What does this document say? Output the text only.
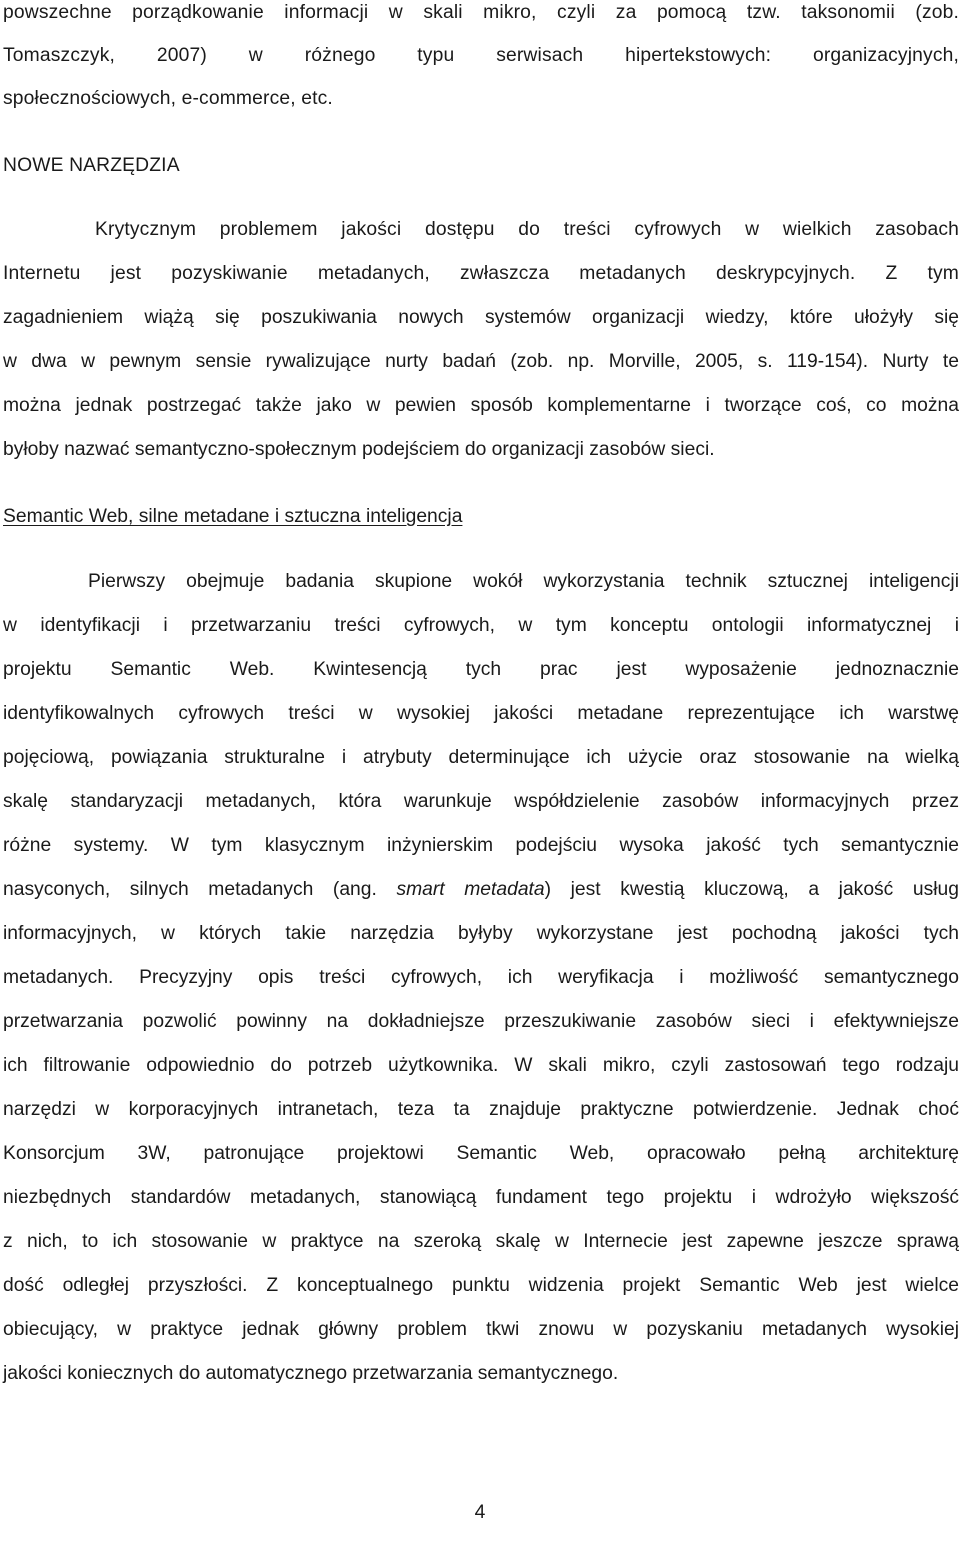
powszechne porządkowanie informacji w skali mikro, czyli za pomocą tzw. taksonomii (zob.
Tomaszczyk, 2007) w różnego typu serwisach hipertekstowych: organizacyjnych,
społecznościowych, e-commerce, etc.
NOWE NARZĘDZIA
Krytycznym problemem jakości dostępu do treści cyfrowych w wielkich zasobach
Internetu jest pozyskiwanie metadanych, zwłaszcza metadanych deskrypcyjnych. Z tym
zagadnieniem wiążą się poszukiwania nowych systemów organizacji wiedzy, które ułożyły się
w dwa w pewnym sensie rywalizujące nurty badań (zob. np. Morville, 2005, s. 119-154). Nurty te
można jednak postrzegać także jako w pewien sposób komplementarne i tworzące coś, co można
byłoby nazwać semantyczno-społecznym podejściem do organizacji zasobów sieci.
Semantic Web, silne metadane i sztuczna inteligencja
Pierwszy obejmuje badania skupione wokół wykorzystania technik sztucznej inteligencji
w identyfikacji i przetwarzaniu treści cyfrowych, w tym konceptu ontologii informatycznej i
projektu Semantic Web. Kwintesencją tych prac jest wyposażenie jednoznacznie
identyfikowalnych cyfrowych treści w wysokiej jakości metadane reprezentujące ich warstwę
pojęciową, powiązania strukturalne i atrybuty determinujące ich użycie oraz stosowanie na wielką
skalę standaryzacji metadanych, która warunkuje współdzielenie zasobów informacyjnych przez
różne systemy. W tym klasycznym inżynierskim podejściu wysoka jakość tych semantycznie
nasyconych, silnych metadanych (ang. smart metadata) jest kwestią kluczową, a jakość usług
informacyjnych, w których takie narzędzia byłyby wykorzystane jest pochodną jakości tych
metadanych. Precyzyjny opis treści cyfrowych, ich weryfikacja i możliwość semantycznego
przetwarzania pozwolić powinny na dokładniejsze przeszukiwanie zasobów sieci i efektywniejsze
ich filtrowanie odpowiednio do potrzeb użytkownika. W skali mikro, czyli zastosowań tego rodzaju
narzędzi w korporacyjnych intranetach, teza ta znajduje praktyczne potwierdzenie. Jednak choć
Konsorcjum 3W, patronujące projektowi Semantic Web, opracowało pełną architekturę
niezbędnych standardów metadanych, stanowiącą fundament tego projektu i wdrożyło większość
z nich, to ich stosowanie w praktyce na szeroką skalę w Internecie jest zapewne jeszcze sprawą
dość odległej przyszłości. Z konceptualnego punktu widzenia projekt Semantic Web jest wielce
obiecujący, w praktyce jednak główny problem tkwi znowu w pozyskaniu metadanych wysokiej
jakości koniecznych do automatycznego przetwarzania semantycznego.
4
